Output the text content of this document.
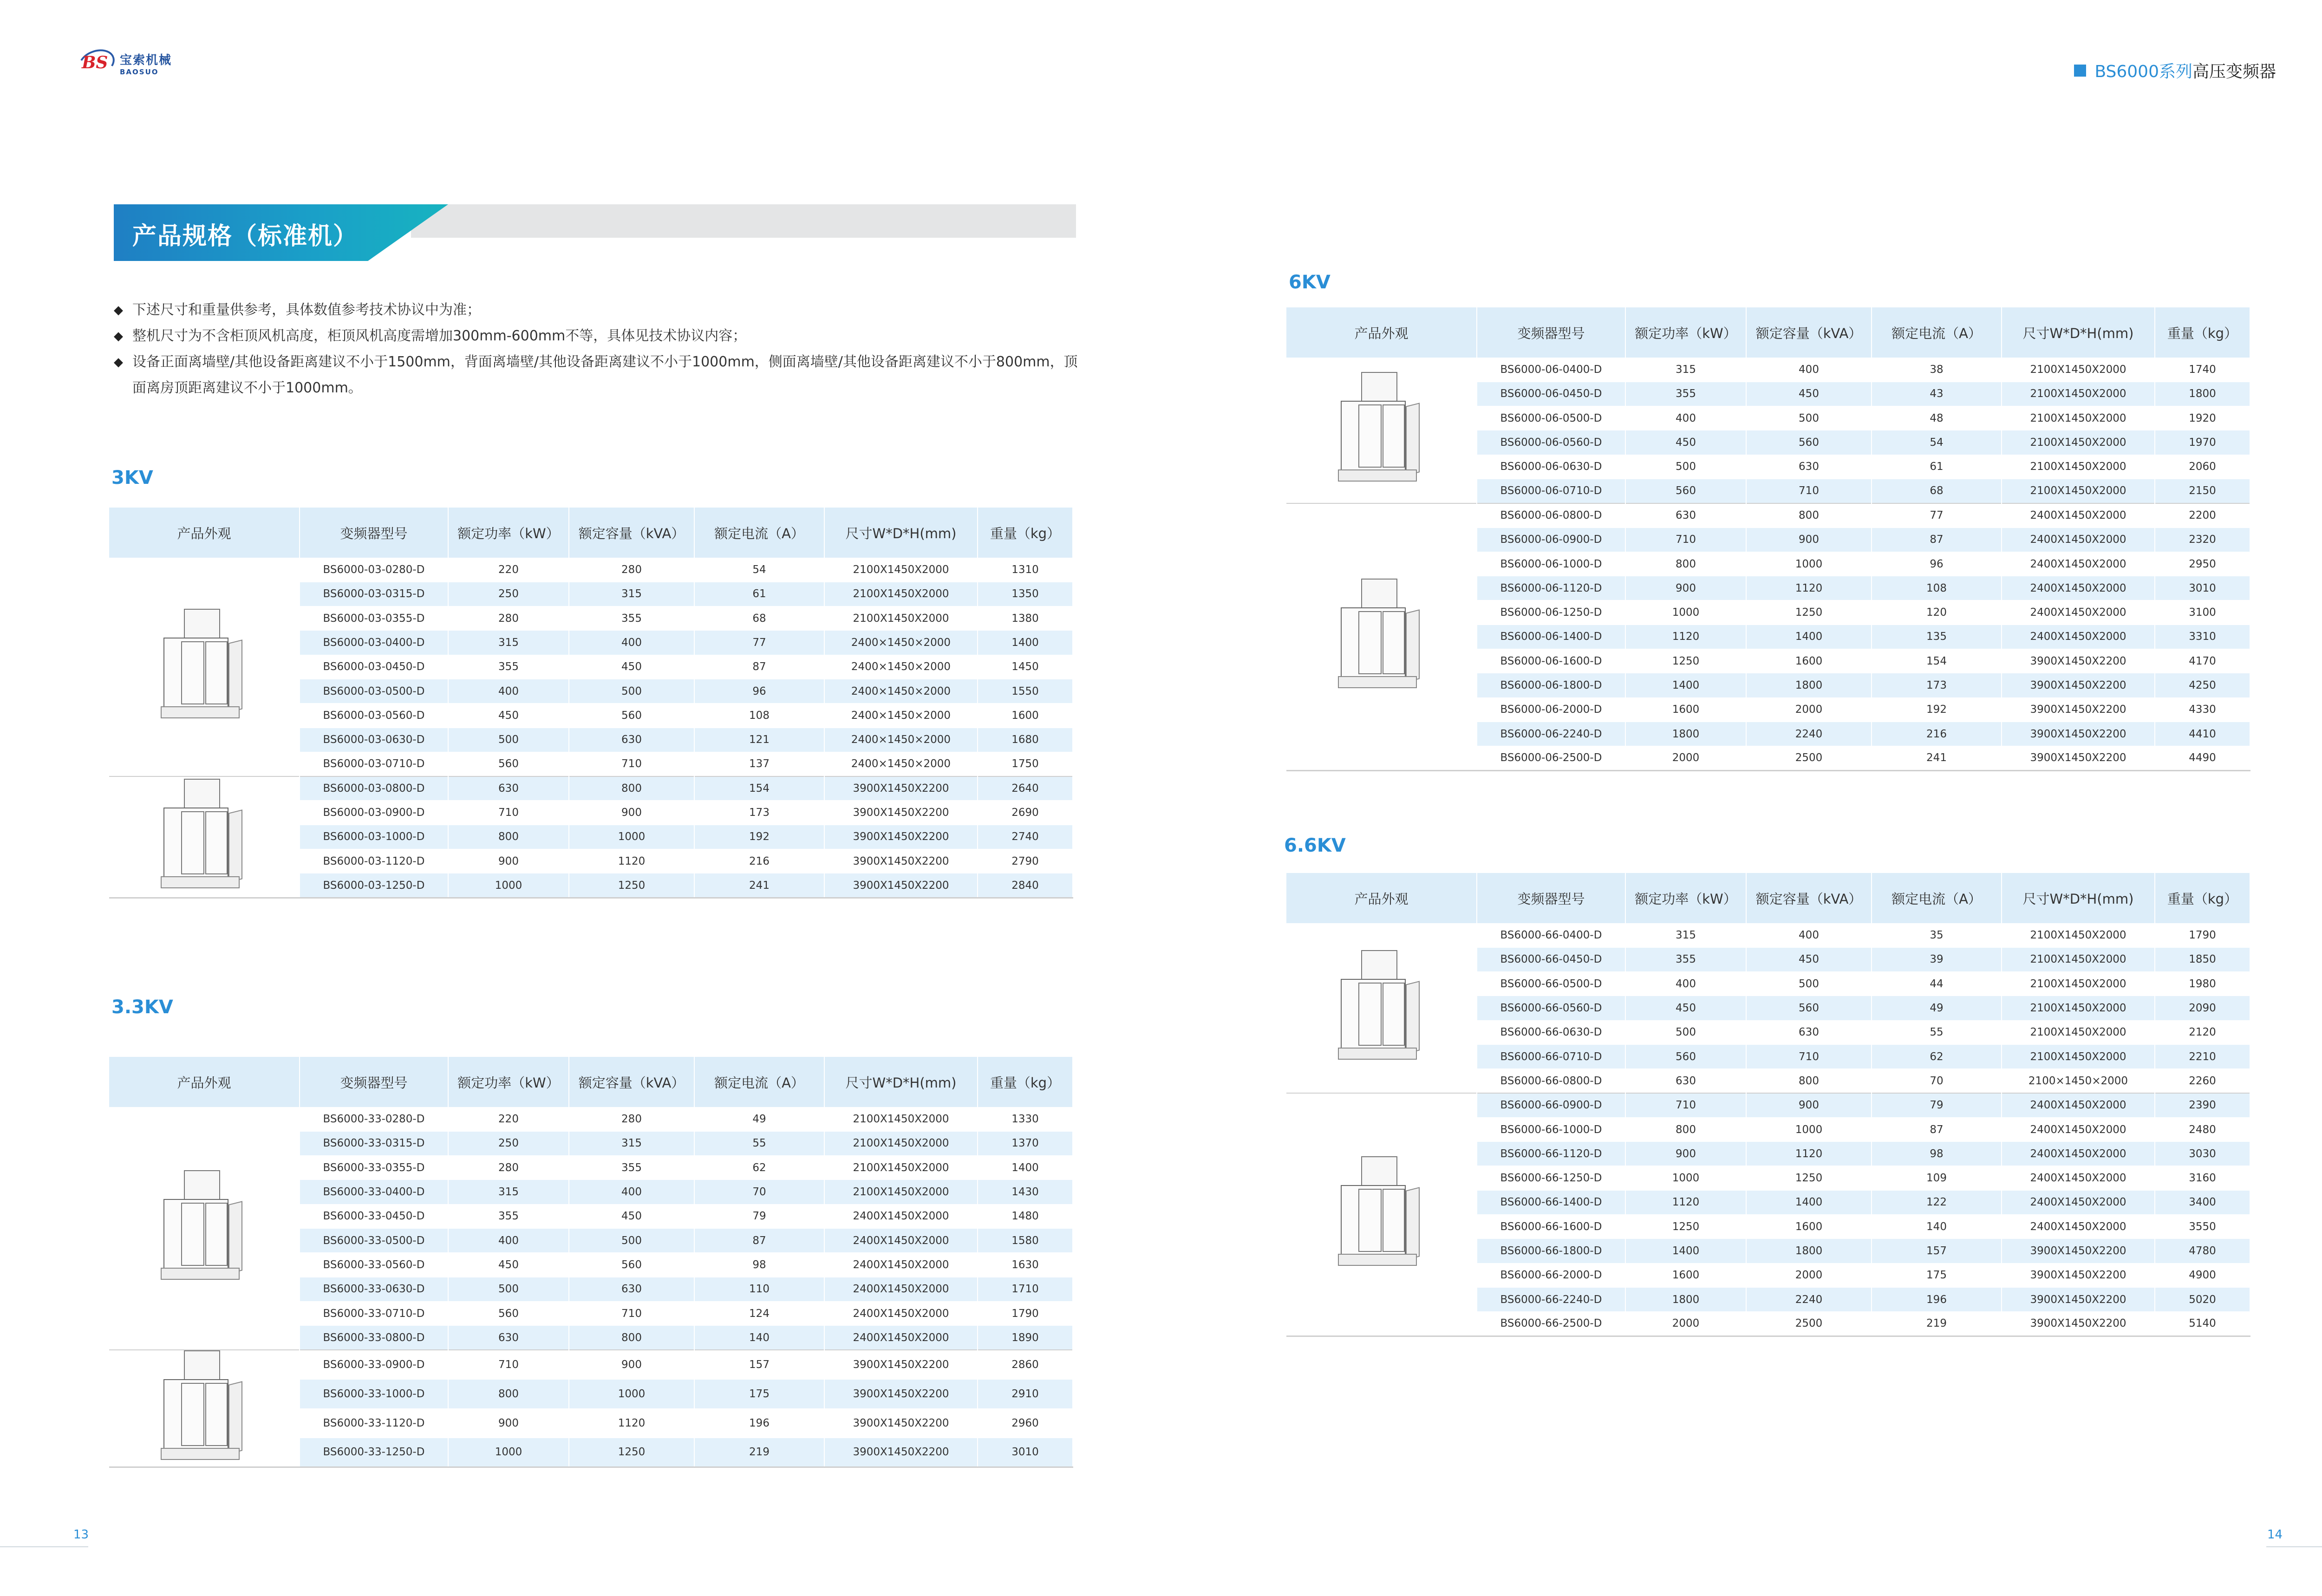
BS 宝索机械
BAOSUO	BS6000系列 高压变频器
产品规格（标准机）
◆ 下述尺寸和重量供参考，具体数值参考技术协议中为准；
◆ 整机尺寸为不含柜顶风机高度，柜顶风机高度需增加300mm-600mm不等，具体见技术协议内容；
◆ 设备正面离墙壁/其他设备距离建议不小于1500mm，背面离墙壁/其他设备距离建议不小于1000mm，侧面离墙壁/其他设备距离建议不小于800mm，顶面离房顶距离建议不小于1000mm。
3KV
3.3KV
6KV
6.6KV
产品外观	变频器型号	额定功率（kW）	额定容量（kVA）	额定电流（A）	尺寸W*D*H(mm)	重量（kg）

	BS6000-03-0280-D	220	280	54	2100X1450X2000	1310
	BS6000-03-0315-D	250	315	61	2100X1450X2000	1350
	BS6000-03-0355-D	280	355	68	2100X1450X2000	1380
	BS6000-03-0400-D	315	400	77	2400×1450×2000	1400
	BS6000-03-0450-D	355	450	87	2400×1450×2000	1450
	BS6000-03-0500-D	400	500	96	2400×1450×2000	1550
	BS6000-03-0560-D	450	560	108	2400×1450×2000	1600
	BS6000-03-0630-D	500	630	121	2400×1450×2000	1680
	BS6000-03-0710-D	560	710	137	2400×1450×2000	1750

	BS6000-03-0800-D	630	800	154	3900X1450X2200	2640
	BS6000-03-0900-D	710	900	173	3900X1450X2200	2690
	BS6000-03-1000-D	800	1000	192	3900X1450X2200	2740
	BS6000-03-1120-D	900	1120	216	3900X1450X2200	2790
	BS6000-03-1250-D	1000	1250	241	3900X1450X2200	2840
产品外观	变频器型号	额定功率（kW）	额定容量（kVA）	额定电流（A）	尺寸W*D*H(mm)	重量（kg）

	BS6000-33-0280-D	220	280	49	2100X1450X2000	1330
	BS6000-33-0315-D	250	315	55	2100X1450X2000	1370
	BS6000-33-0355-D	280	355	62	2100X1450X2000	1400
	BS6000-33-0400-D	315	400	70	2100X1450X2000	1430
	BS6000-33-0450-D	355	450	79	2400X1450X2000	1480
	BS6000-33-0500-D	400	500	87	2400X1450X2000	1580
	BS6000-33-0560-D	450	560	98	2400X1450X2000	1630
	BS6000-33-0630-D	500	630	110	2400X1450X2000	1710
	BS6000-33-0710-D	560	710	124	2400X1450X2000	1790
	BS6000-33-0800-D	630	800	140	2400X1450X2000	1890

	BS6000-33-0900-D	710	900	157	3900X1450X2200	2860
	BS6000-33-1000-D	800	1000	175	3900X1450X2200	2910
	BS6000-33-1120-D	900	1120	196	3900X1450X2200	2960
	BS6000-33-1250-D	1000	1250	219	3900X1450X2200	3010
产品外观	变频器型号	额定功率（kW）	额定容量（kVA）	额定电流（A）	尺寸W*D*H(mm)	重量（kg）

	BS6000-06-0400-D	315	400	38	2100X1450X2000	1740
	BS6000-06-0450-D	355	450	43	2100X1450X2000	1800
	BS6000-06-0500-D	400	500	48	2100X1450X2000	1920
	BS6000-06-0560-D	450	560	54	2100X1450X2000	1970
	BS6000-06-0630-D	500	630	61	2100X1450X2000	2060
	BS6000-06-0710-D	560	710	68	2100X1450X2000	2150

	BS6000-06-0800-D	630	800	77	2400X1450X2000	2200
	BS6000-06-0900-D	710	900	87	2400X1450X2000	2320
	BS6000-06-1000-D	800	1000	96	2400X1450X2000	2950
	BS6000-06-1120-D	900	1120	108	2400X1450X2000	3010
	BS6000-06-1250-D	1000	1250	120	2400X1450X2000	3100
	BS6000-06-1400-D	1120	1400	135	2400X1450X2000	3310
	BS6000-06-1600-D	1250	1600	154	3900X1450X2200	4170
	BS6000-06-1800-D	1400	1800	173	3900X1450X2200	4250
	BS6000-06-2000-D	1600	2000	192	3900X1450X2200	4330
	BS6000-06-2240-D	1800	2240	216	3900X1450X2200	4410
	BS6000-06-2500-D	2000	2500	241	3900X1450X2200	4490
产品外观	变频器型号	额定功率（kW）	额定容量（kVA）	额定电流（A）	尺寸W*D*H(mm)	重量（kg）

	BS6000-66-0400-D	315	400	35	2100X1450X2000	1790
	BS6000-66-0450-D	355	450	39	2100X1450X2000	1850
	BS6000-66-0500-D	400	500	44	2100X1450X2000	1980
	BS6000-66-0560-D	450	560	49	2100X1450X2000	2090
	BS6000-66-0630-D	500	630	55	2100X1450X2000	2120
	BS6000-66-0710-D	560	710	62	2100X1450X2000	2210
	BS6000-66-0800-D	630	800	70	2100×1450×2000	2260

	BS6000-66-0900-D	710	900	79	2400X1450X2000	2390
	BS6000-66-1000-D	800	1000	87	2400X1450X2000	2480
	BS6000-66-1120-D	900	1120	98	2400X1450X2000	3030
	BS6000-66-1250-D	1000	1250	109	2400X1450X2000	3160
	BS6000-66-1400-D	1120	1400	122	2400X1450X2000	3400
	BS6000-66-1600-D	1250	1600	140	2400X1450X2000	3550
	BS6000-66-1800-D	1400	1800	157	3900X1450X2200	4780
	BS6000-66-2000-D	1600	2000	175	3900X1450X2200	4900
	BS6000-66-2240-D	1800	2240	196	3900X1450X2200	5020
	BS6000-66-2500-D	2000	2500	219	3900X1450X2200	5140
13	14
